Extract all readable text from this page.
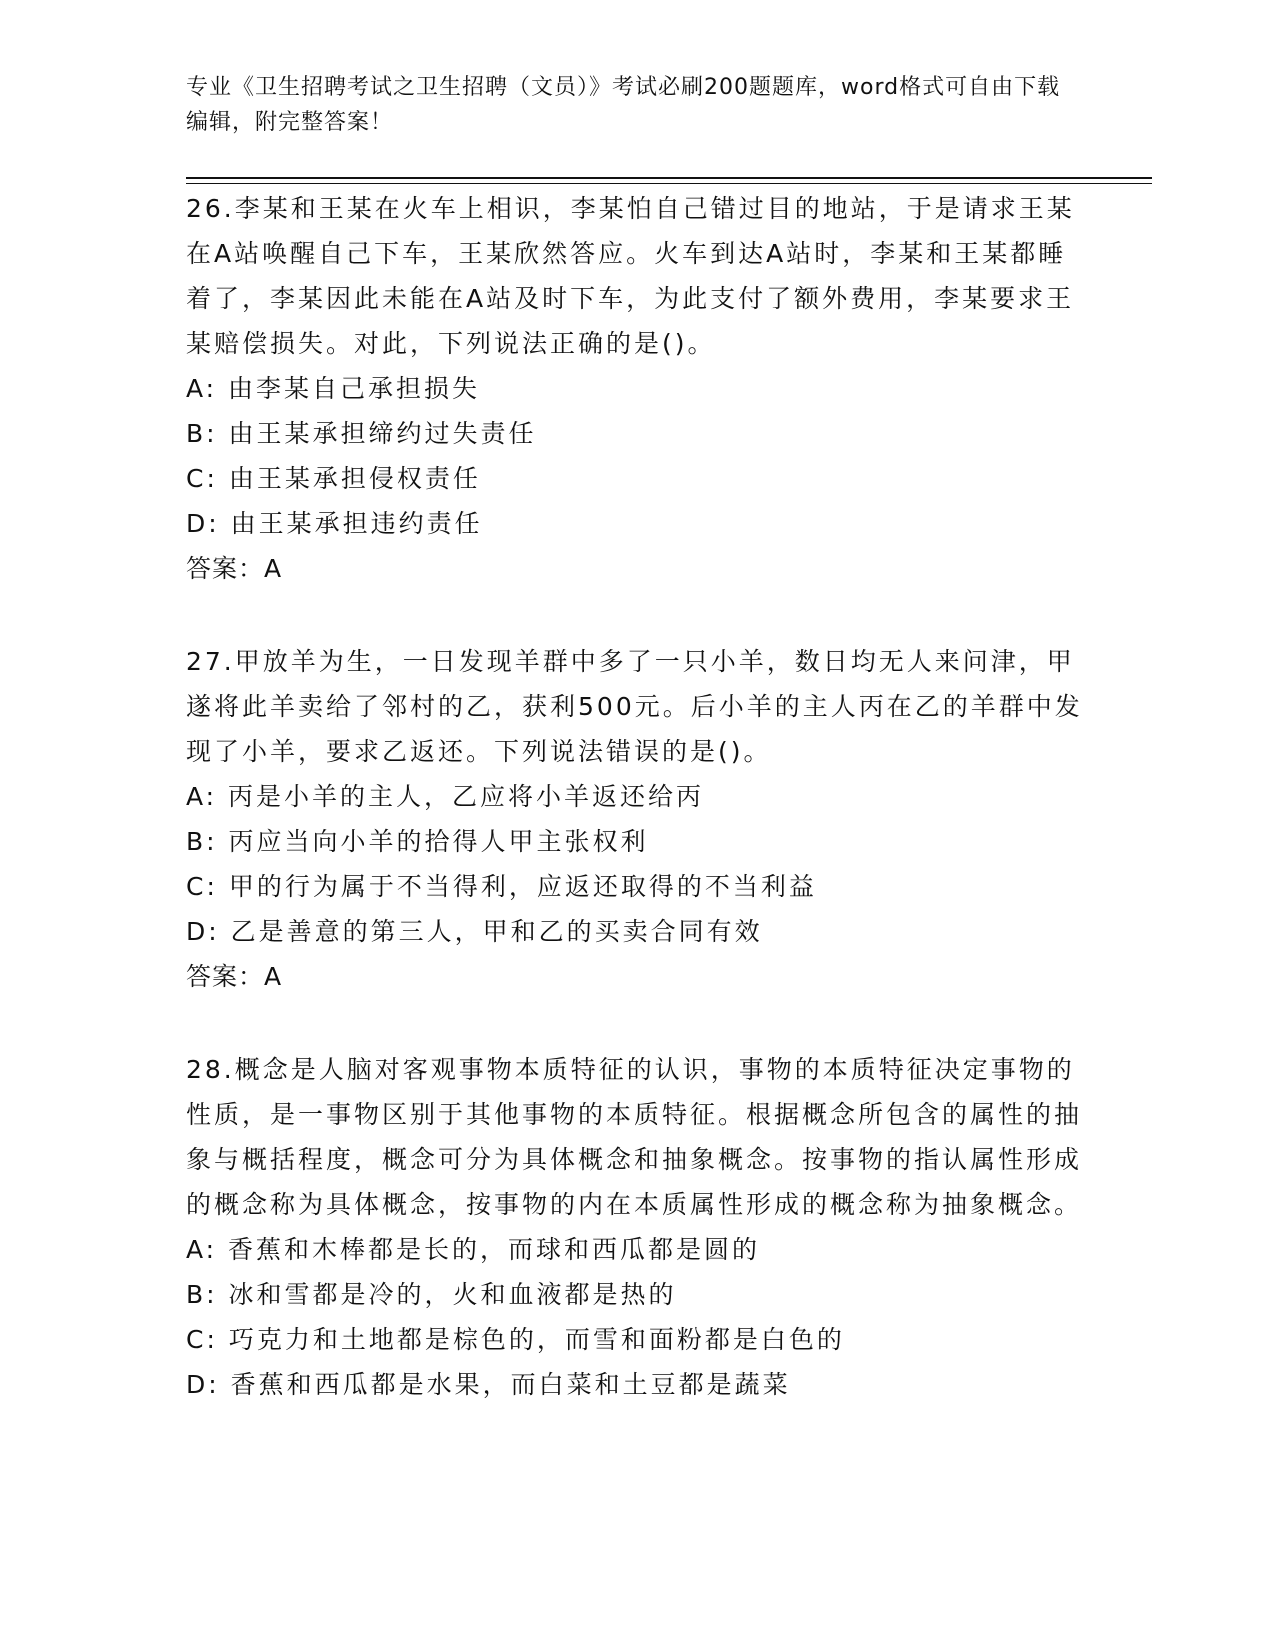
专业《卫生招聘考试之卫生招聘（文员）》考试必刷200题题库，word格式可自由下载编辑，附完整答案！

26.李某和王某在火车上相识，李某怕自己错过目的地站，于是请求王某在A站唤醒自己下车，王某欣然答应。火车到达A站时，李某和王某都睡着了，李某因此未能在A站及时下车，为此支付了额外费用，李某要求王某赔偿损失。对此，下列说法正确的是()。

A: 由李某自己承担损失

B: 由王某承担缔约过失责任

C: 由王某承担侵权责任

D: 由王某承担违约责任

答案：A

27.甲放羊为生，一日发现羊群中多了一只小羊，数日均无人来问津，甲遂将此羊卖给了邻村的乙，获利500元。后小羊的主人丙在乙的羊群中发现了小羊，要求乙返还。下列说法错误的是()。

A: 丙是小羊的主人，乙应将小羊返还给丙

B: 丙应当向小羊的拾得人甲主张权利

C: 甲的行为属于不当得利，应返还取得的不当利益

D: 乙是善意的第三人，甲和乙的买卖合同有效

答案：A

28.概念是人脑对客观事物本质特征的认识，事物的本质特征决定事物的性质，是一事物区别于其他事物的本质特征。根据概念所包含的属性的抽象与概括程度，概念可分为具体概念和抽象概念。按事物的指认属性形成的概念称为具体概念，按事物的内在本质属性形成的概念称为抽象概念。

A: 香蕉和木棒都是长的，而球和西瓜都是圆的

B: 冰和雪都是冷的，火和血液都是热的

C: 巧克力和土地都是棕色的，而雪和面粉都是白色的

D: 香蕉和西瓜都是水果，而白菜和土豆都是蔬菜
